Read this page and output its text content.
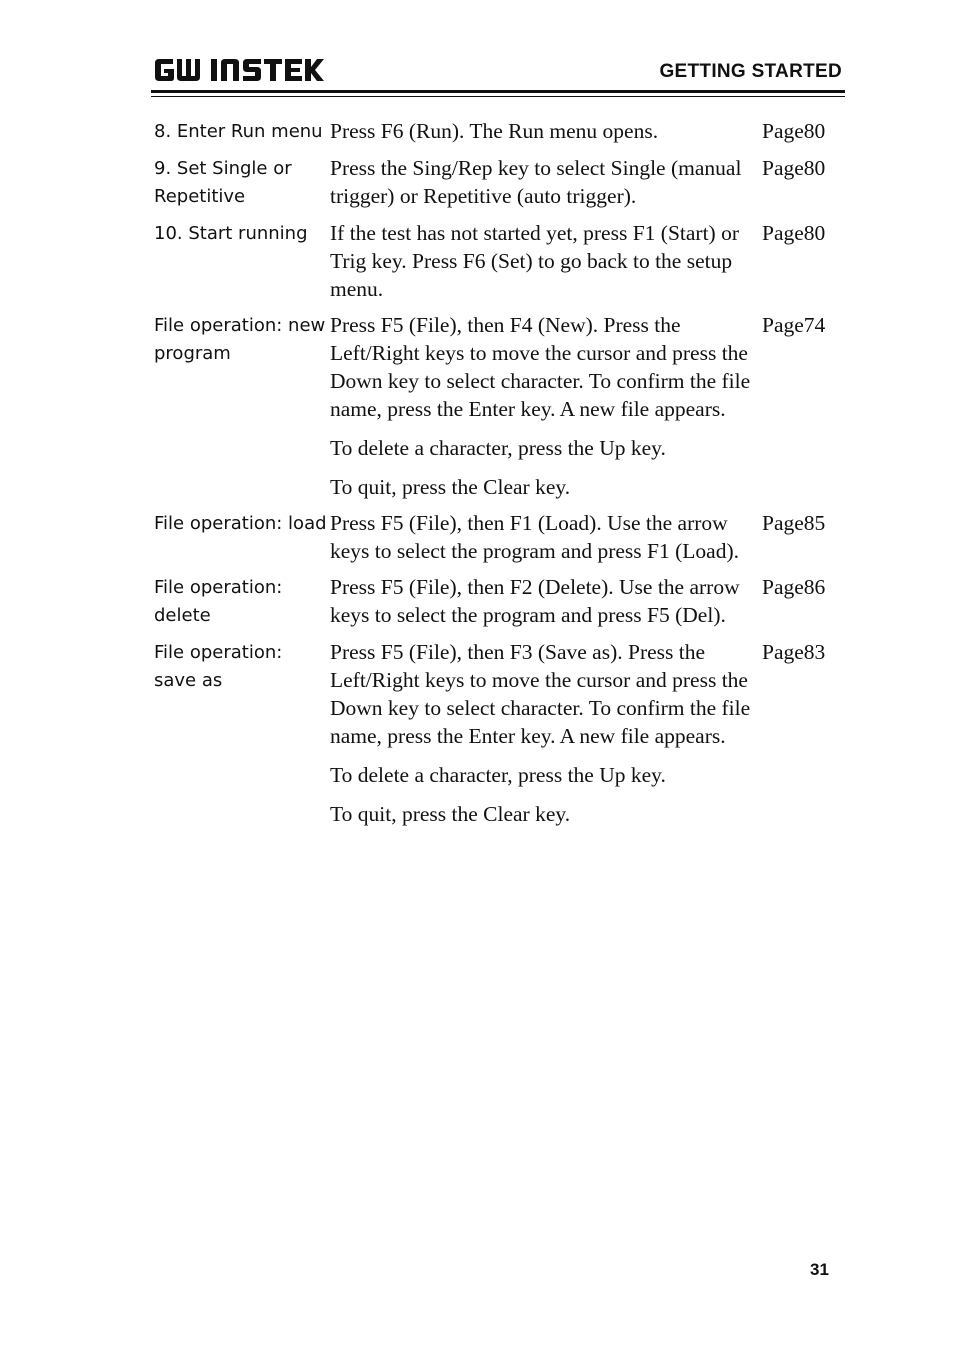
GETTING STARTED
8. Enter Run menu Press F6 (Run). The Run menu opens.	Page80
9. Set Single or Repetitive
Press the Sing/Rep key to select Single (manual trigger) or Repetitive (auto trigger).
Page80
10. Start running	If the test has not started yet, press F1 (Start) or Trig key. Press F6 (Set) to go back to the setup menu.
Page80
File operation: new program
Press F5 (File), then F4 (New). Press the Left/Right keys to move the cursor and press the Down key to select character. To confirm the file name, press the Enter key. A new file appears.
To delete a character, press the Up key.
To quit, press the Clear key.
Page74
File operation: load Press F5 (File), then F1 (Load). Use the arrow keys to select the program and press F1 (Load).
Page85
File operation: delete
Press F5 (File), then F2 (Delete). Use the arrow keys to select the program and press F5 (Del).
Page86
File operation: save as
Press F5 (File), then F3 (Save as). Press the Left/Right keys to move the cursor and press the Down key to select character. To confirm the file name, press the Enter key. A new file appears.
To delete a character, press the Up key.
To quit, press the Clear key.
Page83
31
